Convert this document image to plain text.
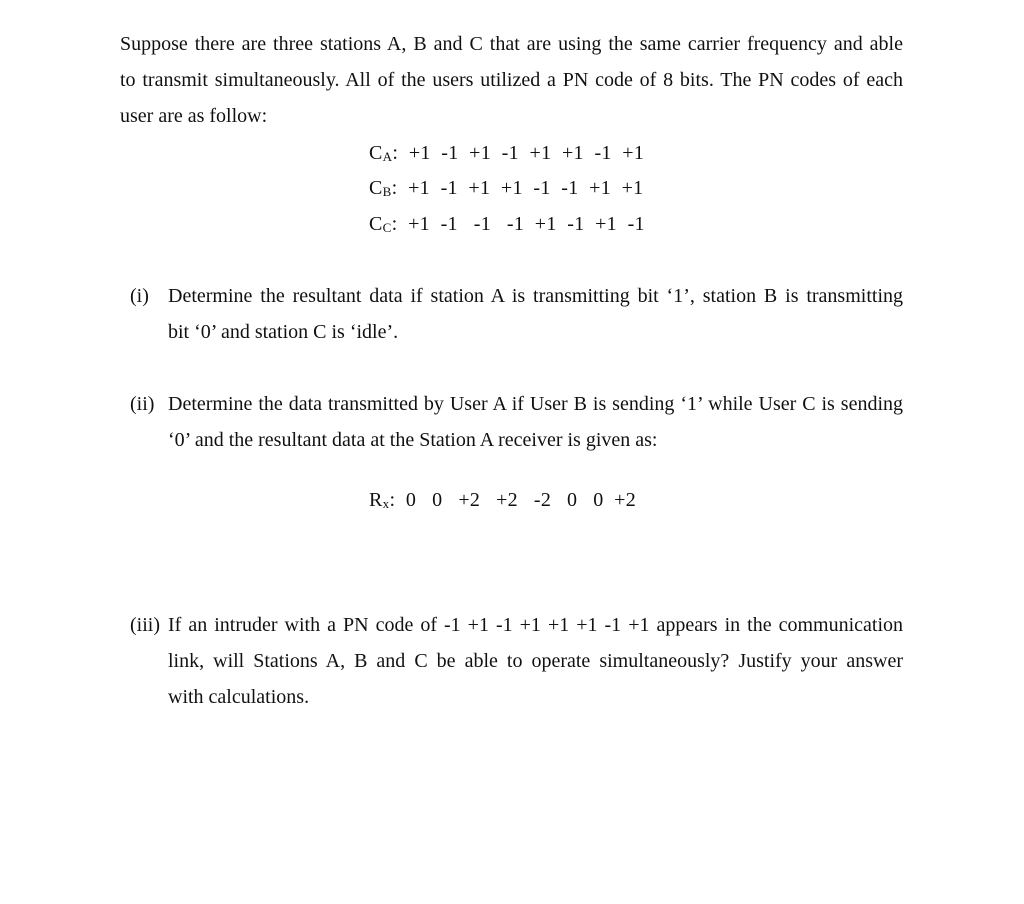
Suppose there are three stations A, B and C that are using the same carrier frequency and able
to transmit simultaneously. All of the users utilized a PN code of 8 bits. The PN codes of each
user are as follow:
$C_A$: +1  -1  +1  -1  +1  +1  -1  +1
$C_B$: +1  -1  +1  +1  -1  -1  +1  +1
$C_C$: +1  -1   -1   -1  +1  -1  +1  -1
(i) Determine the resultant data if station A is transmitting bit ‘1’, station B is transmitting
bit ‘0’ and station C is ‘idle’.
(ii) Determine the data transmitted by User A if User B is sending ‘1’ while User C is sending
‘0’ and the resultant data at the Station A receiver is given as:
$R_x$: 0   0   +2   +2   -2   0   0  +2
(iii) If an intruder with a PN code of -1 +1 -1 +1 +1 +1 -1 +1 appears in the communication
link, will Stations A, B and C be able to operate simultaneously? Justify your answer
with calculations.
